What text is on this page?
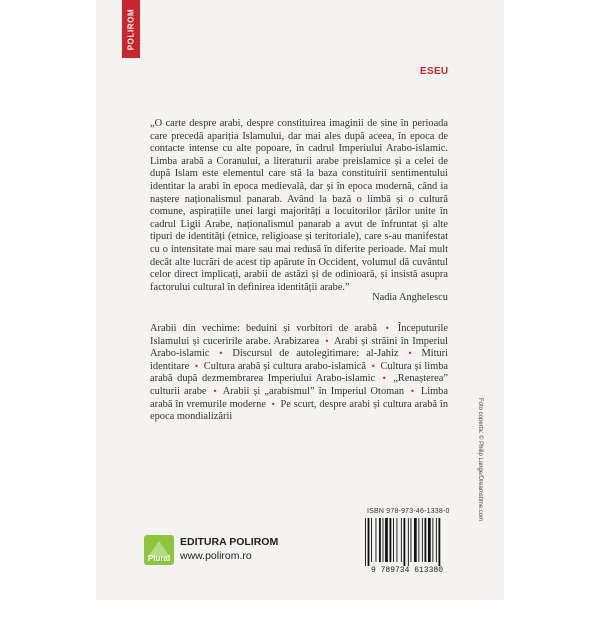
POLIROM
ESEU

„O carte despre arabi, despre constituirea imaginii de sine în perioada care precedă apariția Islamului, dar mai ales după aceea, în epoca de contacte intense cu alte popoare, în cadrul Imperiului Arabo-islamic. Limba arabă a Coranului, a literaturii arabe preislamice și a celei de după Islam este elementul care stă la baza constituirii sentimentului identitar la arabi în epoca medievală, dar și în epoca modernă, când ia naștere naționalismul panarab. Având la bază o limbă și o cultură comune, aspirațiile unei largi majorități a locuitorilor țărilor unite în cadrul Ligii Arabe, naționalismul panarab a avut de înfruntat și alte tipuri de identități (etnice, religioase și teritoriale), care s-au manifestat cu o intensitate mai mare sau mai redusă în diferite perioade. Mai mult decât alte lucrări de acest tip apărute în Occident, volumul dă cuvântul celor direct implicați, arabii de astăzi și de odinioară, și insistă asupra factorului cultural în definirea identității arabe.”

Nadia Anghelescu
Arabii din vechime: beduini și vorbitori de arabă • Începuturile Islamului și cuceririle arabe. Arabizarea • Arabi și străini în Imperiul Arabo-islamic • Discursul de autolegitimare: al-Jahiz • Mituri identitare • Cultura arabă și cultura arabo-islamică • Cultura și limba arabă după dezmembrarea Imperiului Arabo-islamic • „Renașterea” culturii arabe • Arabii și „arabismul” în Imperiul Otoman • Limba arabă în vremurile moderne • Pe scurt, despre arabi și cultura arabă în epoca mondializării
ISBN 978-973-46-1338-0
9 789734 613380
Foto coperta: © Philip Lange/Dreamstime.com
Plural
EDITURA POLIROM
www.polirom.ro
